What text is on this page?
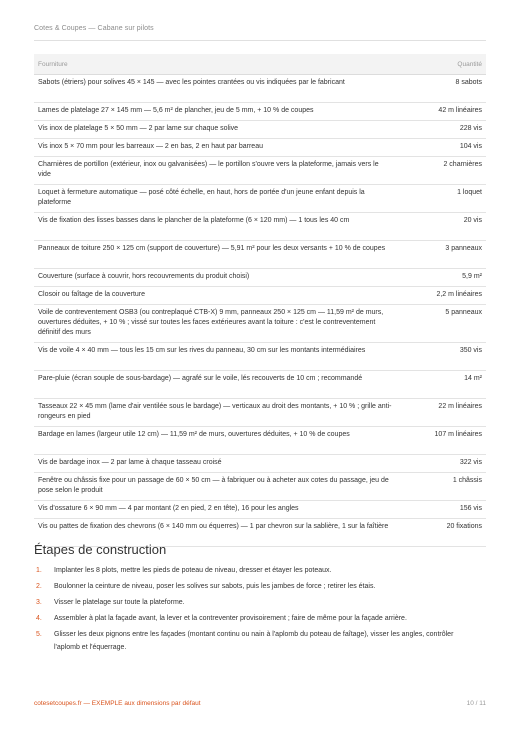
Cotes & Coupes — Cabane sur pilots
Fourniture	Quantité
Sabots (étriers) pour solives 45 × 145 — avec les pointes crantées ou vis indiquées par le fabricant	8 sabots
Lames de platelage 27 × 145 mm — 5,6 m² de plancher, jeu de 5 mm, + 10 % de coupes	42 m linéaires
Vis inox de platelage 5 × 50 mm — 2 par lame sur chaque solive	228 vis
Vis inox 5 × 70 mm pour les barreaux — 2 en bas, 2 en haut par barreau	104 vis
Charnières de portillon (extérieur, inox ou galvanisées) — le portillon s'ouvre vers la plateforme, jamais vers le vide	2 charnières
Loquet à fermeture automatique — posé côté échelle, en haut, hors de portée d'un jeune enfant depuis la plateforme	1 loquet
Vis de fixation des lisses basses dans le plancher de la plateforme (6 × 120 mm) — 1 tous les 40 cm	20 vis
Panneaux de toiture 250 × 125 cm (support de couverture) — 5,91 m² pour les deux versants + 10 % de coupes	3 panneaux
Couverture (surface à couvrir, hors recouvrements du produit choisi)	5,9 m²
Closoir ou faîtage de la couverture	2,2 m linéaires
Voile de contreventement OSB3 (ou contreplaqué CTB-X) 9 mm, panneaux 250 × 125 cm — 11,59 m² de murs, ouvertures déduites, + 10 % ; vissé sur toutes les faces extérieures avant la toiture : c'est le contreventement définitif des murs	5 panneaux
Vis de voile 4 × 40 mm — tous les 15 cm sur les rives du panneau, 30 cm sur les montants intermédiaires	350 vis
Pare-pluie (écran souple de sous-bardage) — agrafé sur le voile, lés recouverts de 10 cm ; recommandé	14 m²
Tasseaux 22 × 45 mm (lame d'air ventilée sous le bardage) — verticaux au droit des montants, + 10 % ; grille anti-rongeurs en pied	22 m linéaires
Bardage en lames (largeur utile 12 cm) — 11,59 m² de murs, ouvertures déduites, + 10 % de coupes	107 m linéaires
Vis de bardage inox — 2 par lame à chaque tasseau croisé	322 vis
Fenêtre ou châssis fixe pour un passage de 60 × 50 cm — à fabriquer ou à acheter aux cotes du passage, jeu de pose selon le produit	1 châssis
Vis d'ossature 6 × 90 mm — 4 par montant (2 en pied, 2 en tête), 16 pour les angles	156 vis
Vis ou pattes de fixation des chevrons (6 × 140 mm ou équerres) — 1 par chevron sur la sablière, 1 sur la faîtière	20 fixations
Étapes de construction
1. Implanter les 8 plots, mettre les pieds de poteau de niveau, dresser et étayer les poteaux.
2. Boulonner la ceinture de niveau, poser les solives sur sabots, puis les jambes de force ; retirer les étais.
3. Visser le platelage sur toute la plateforme.
4. Assembler à plat la façade avant, la lever et la contreventer provisoirement ; faire de même pour la façade arrière.
5. Glisser les deux pignons entre les façades (montant continu ou nain à l'aplomb du poteau de faîtage), visser les angles, contrôler l'aplomb et l'équerrage.
cotesetcoupes.fr — EXEMPLE aux dimensions par défaut	10 / 11
